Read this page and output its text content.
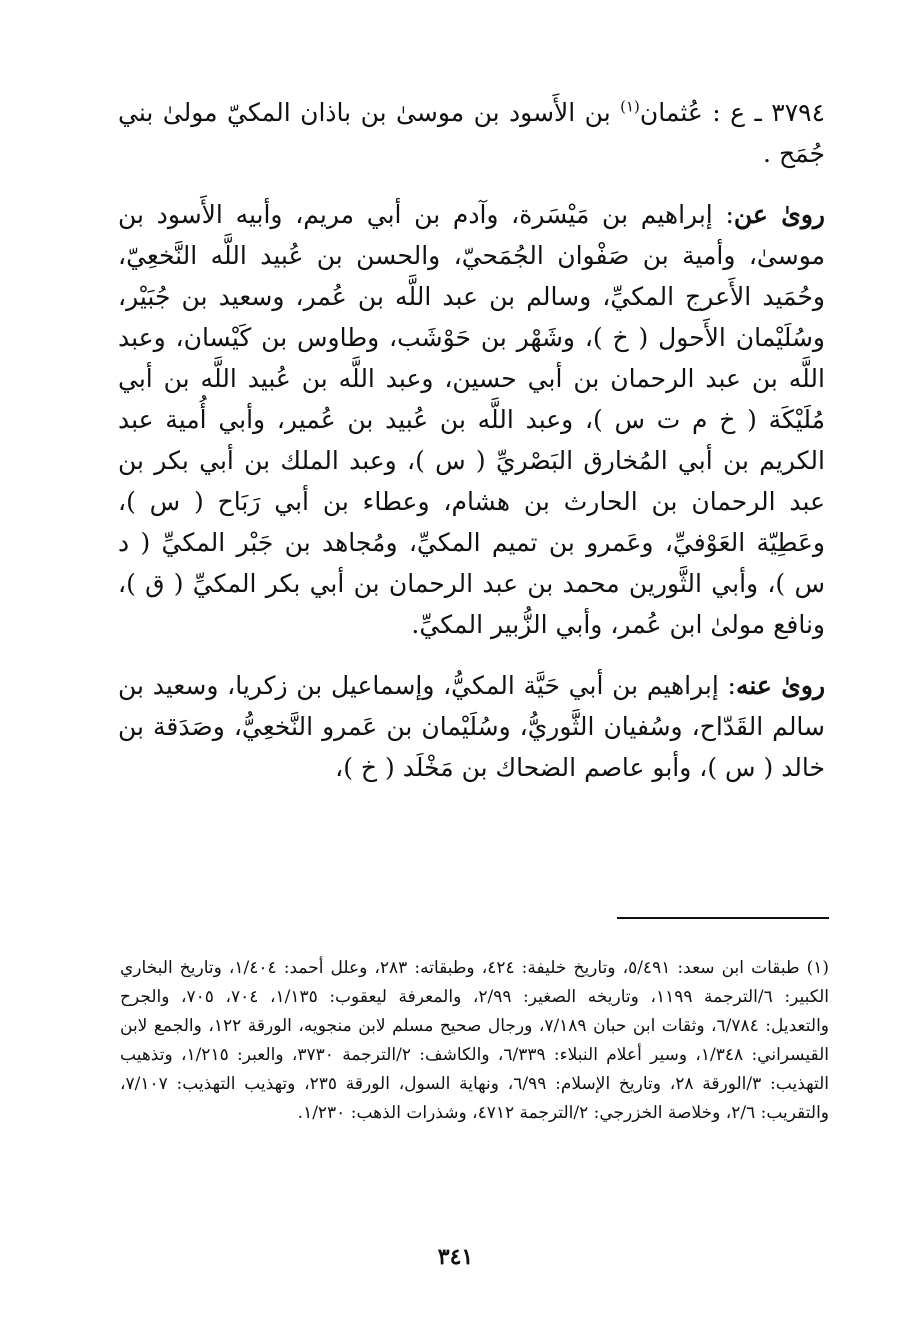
٣٧٩٤ ـ ع : عُثمان$^{(١)}$ بن الأَسود بن موسىٰ بن باذان المكيّ مولىٰ بني جُمَح .

روىٰ عن: إبراهيم بن مَيْسَرة، وآدم بن أبي مريم، وأبيه الأَسود بن موسىٰ، وأمية بن صَفْوان الجُمَحيّ، والحسن بن عُبيد اللَّه النَّخعِيّ، وحُمَيد الأَعرج المكيِّ، وسالم بن عبد اللَّه بن عُمر، وسعيد بن جُبَيْر، وسُلَيْمان الأَحول ( خ )، وشَهْر بن حَوْشَب، وطاوس بن كَيْسان، وعبد اللَّه بن عبد الرحمان بن أبي حسين، وعبد اللَّه بن عُبيد اللَّه بن أبي مُلَيْكَة ( خ م ت س )، وعبد اللَّه بن عُبيد بن عُمير، وأبي أُمية عبد الكريم بن أبي المُخارق البَصْريِّ ( س )، وعبد الملك بن أبي بكر بن عبد الرحمان بن الحارث بن هشام، وعطاء بن أبي رَبَاح ( س )، وعَطِيّة العَوْفيِّ، وعَمرو بن تميم المكيِّ، ومُجاهد بن جَبْر المكيِّ ( د س )، وأبي الثَّورين محمد بن عبد الرحمان بن أبي بكر المكيِّ ( ق )، ونافع مولىٰ ابن عُمر، وأبي الزُّبير المكيِّ.

روىٰ عنه: إبراهيم بن أبي حَيَّة المكيُّ، وإسماعيل بن زكريا، وسعيد بن سالم القَدّاح، وسُفيان الثَّوريُّ، وسُلَيْمان بن عَمرو النَّخعِيُّ، وصَدَقة بن خالد ( س )، وأبو عاصم الضحاك بن مَخْلَد ( خ )،

(١) طبقات ابن سعد: ٥/٤٩١، وتاريخ خليفة: ٤٢٤، وطبقاته: ٢٨٣، وعلل أحمد: ١/٤٠٤، وتاريخ البخاري الكبير: ٦/الترجمة ١١٩٩، وتاريخه الصغير: ٢/٩٩، والمعرفة ليعقوب: ١/١٣٥، ٧٠٤، ٧٠٥، والجرح والتعديل: ٦/٧٨٤، وثقات ابن حبان ٧/١٨٩، ورجال صحيح مسلم لابن منجويه، الورقة ١٢٢، والجمع لابن القيسراني: ١/٣٤٨، وسير أعلام النبلاء: ٦/٣٣٩، والكاشف: ٢/الترجمة ٣٧٣٠، والعبر: ١/٢١٥، وتذهيب التهذيب: ٣/الورقة ٢٨، وتاريخ الإسلام: ٦/٩٩، ونهاية السول، الورقة ٢٣٥، وتهذيب التهذيب: ٧/١٠٧، والتقريب: ٢/٦، وخلاصة الخزرجي: ٢/الترجمة ٤٧١٢، وشذرات الذهب: ١/٢٣٠.

٣٤١
